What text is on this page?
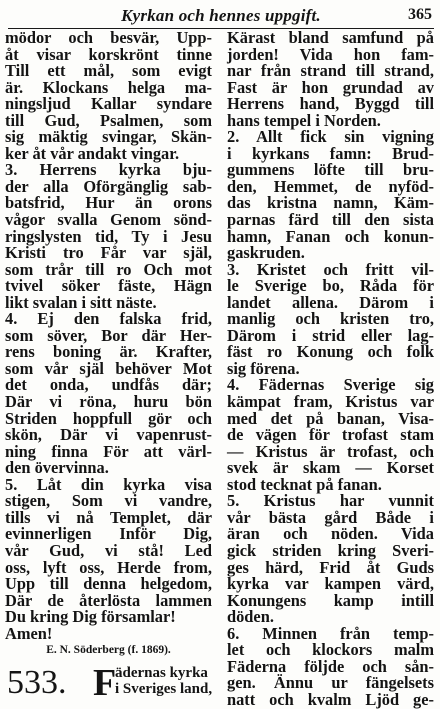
Kyrkan och hennes uppgift.	365
mödor och besvär, Upp-
åt visar korskrönt tinne
Till ett mål, som evigt
är. Klockans helga ma-
ningsljud Kallar syndare
till Gud, Psalmen, som
sig mäktig svingar, Skän-
ker åt vår andakt vingar.
3. Herrens kyrka bju-
der alla Oförgänglig sab-
batsfrid, Hur än orons
vågor svalla Genom sönd-
ringslysten tid, Ty i Jesu
Kristi tro Får var själ,
som trår till ro Och mot
tvivel söker fäste, Hägn
likt svalan i sitt näste.
4. Ej den falska frid,
som söver, Bor där Her-
rens boning är. Krafter,
som vår själ behöver Mot
det onda, undfås där;
Där vi röna, huru bön
Striden hoppfull gör och
skön, Där vi vapenrust-
ning finna För att värl-
den övervinna.
5. Låt din kyrka visa
stigen, Som vi vandre,
tills vi nå Templet, där
evinnerligen Inför Dig,
vår Gud, vi stå! Led
oss, lyft oss, Herde from,
Upp till denna helgedom,
Där de återlösta lammen
Du kring Dig församlar!
Amen!
E. N. Söderberg (f. 1869).
533. F
ädernas kyrka
i Sveriges land,
Kärast bland samfund på
jorden! Vida hon fam-
nar från strand till strand,
Fast är hon grundad av
Herrens hand, Byggd till
hans tempel i Norden.
2. Allt fick sin vigning
i kyrkans famn: Brud-
gummens löfte till bru-
den, Hemmet, de nyföd-
das kristna namn, Käm-
parnas färd till den sista
hamn, Fanan och konun-
gaskruden.
3. Kristet och fritt vil-
le Sverige bo, Råda för
landet allena. Därom i
manlig och kristen tro,
Därom i strid eller lag-
fäst ro Konung och folk
sig förena.
4. Fädernas Sverige sig
kämpat fram, Kristus var
med det på banan, Visa-
de vägen för trofast stam
— Kristus är trofast, och
svek är skam — Korset
stod tecknat på fanan.
5. Kristus har vunnit
vår bästa gård Både i
äran och nöden. Vida
gick striden kring Sveri-
ges härd, Frid åt Guds
kyrka var kampen värd,
Konungens kamp intill
döden.
6. Minnen från temp-
let och klockors malm
Fäderna följde och sån-
gen. Ännu ur fängelsets
natt och kvalm Ljöd ge-
